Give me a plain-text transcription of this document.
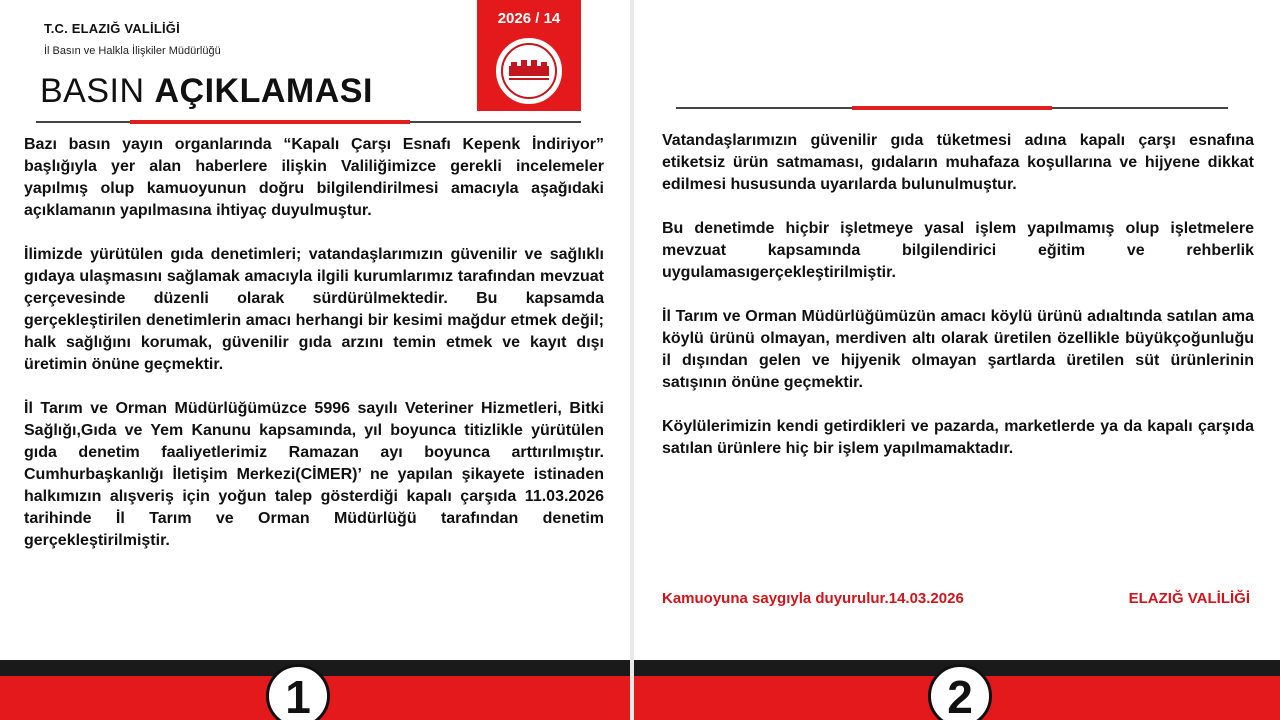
T.C. ELAZIĞ VALİLİĞİ
İl Basın ve Halkla İlişkiler Müdürlüğü
BASIN AÇIKLAMASI
2026 / 14

Bazı basın yayın organlarında “Kapalı Çarşı Esnafı Kepenk İndiriyor” başlığıyla yer alan haberlere ilişkin Valiliğimizce gerekli incelemeler yapılmış olup kamuoyunun doğru bilgilendirilmesi amacıyla aşağıdaki açıklamanın yapılmasına ihtiyaç duyulmuştur.

İlimizde yürütülen gıda denetimleri; vatandaşlarımızın güvenilir ve sağlıklı gıdaya ulaşmasını sağlamak amacıyla ilgili kurumlarımız tarafından mevzuat çerçevesinde düzenli olarak sürdürülmektedir. Bu kapsamda gerçekleştirilen denetimlerin amacı herhangi bir kesimi mağdur etmek değil; halk sağlığını korumak, güvenilir gıda arzını temin etmek ve kayıt dışı üretimin önüne geçmektir.

İl Tarım ve Orman Müdürlüğümüzce 5996 sayılı Veteriner Hizmetleri, Bitki Sağlığı,Gıda ve Yem Kanunu kapsamında, yıl boyunca titizlikle yürütülen gıda denetim faaliyetlerimiz Ramazan ayı boyunca arttırılmıştır. Cumhurbaşkanlığı İletişim Merkezi(CİMER)’ ne yapılan şikayete istinaden halkımızın alışveriş için yoğun talep gösterdiği kapalı çarşıda 11.03.2026 tarihinde İl Tarım ve Orman Müdürlüğü tarafından denetim gerçekleştirilmiştir.

1

Vatandaşlarımızın güvenilir gıda tüketmesi adına kapalı çarşı esnafına etiketsiz ürün satmaması, gıdaların muhafaza koşullarına ve hijyene dikkat edilmesi hususunda uyarılarda bulunulmuştur.

Bu denetimde hiçbir işletmeye yasal işlem yapılmamış olup işletmelere mevzuat kapsamında bilgilendirici eğitim ve rehberlik uygulamasıgerçekleştirilmiştir.

İl Tarım ve Orman Müdürlüğümüzün amacı köylü ürünü adıaltında satılan ama köylü ürünü olmayan, merdiven altı olarak üretilen özellikle büyükçoğunluğu il dışından gelen ve hijyenik olmayan şartlarda üretilen süt ürünlerinin satışının önüne geçmektir.

Köylülerimizin kendi getirdikleri ve pazarda, marketlerde ya da kapalı çarşıda satılan ürünlere hiç bir işlem yapılmamaktadır.

Kamuoyuna saygıyla duyurulur.14.03.2026	ELAZIĞ VALİLİĞİ
2
